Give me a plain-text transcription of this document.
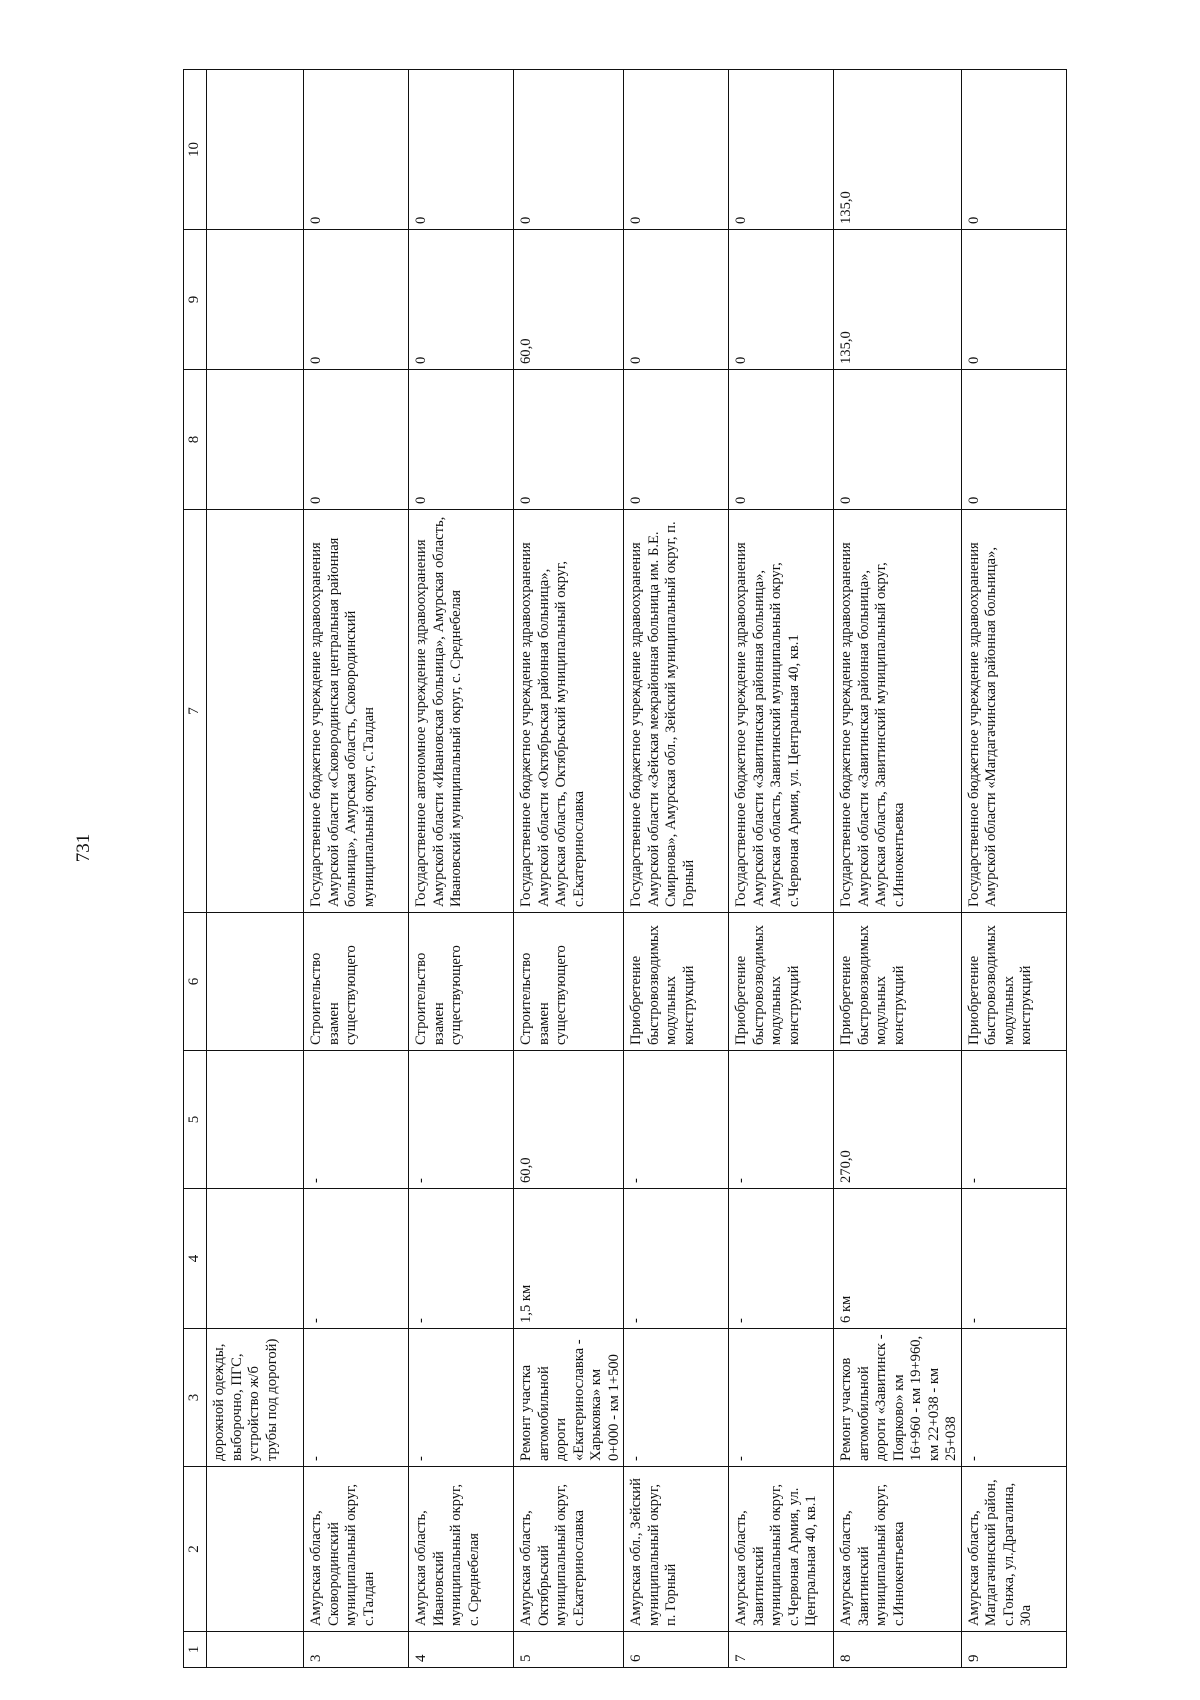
731
1	2	3	4	5	6	7	8	9	10
		дорожной одежды, выборочно, ПГС, устройство ж/б трубы под дорогой)							
3	Амурская область, Сковородинский муниципальный округ, с.Талдан	-	-	-	Строительство взамен существующего	Государственное бюджетное учреждение здравоохранения Амурской области «Сковородинская центральная районная больница», Амурская область, Сковородинский муниципальный округ, с.Талдан	0	0	0
4	Амурская область, Ивановский муниципальный округ, с. Среднебелая	-	-	-	Строительство взамен существующего	Государственное автономное учреждение здравоохранения Амурской области «Ивановская больница», Амурская область, Ивановский муниципальный округ, с. Среднебелая	0	0	0
5	Амурская область, Октябрьский муниципальный округ, с.Екатеринославка	Ремонт участка автомобильной дороги «Екатеринославка - Харьковка» км 0+000 - км 1+500	1,5 км	60,0	Строительство взамен существующего	Государственное бюджетное учреждение здравоохранения Амурской области «Октябрьская районная больница», Амурская область, Октябрьский муниципальный округ, с.Екатеринославка	0	60,0	0
6	Амурская обл., Зейский муниципальный округ, п. Горный	-	-	-	Приобретение быстровозводимых модульных конструкций	Государственное бюджетное учреждение здравоохранения Амурской области «Зейская межрайонная больница им. Б.Е. Смирнова», Амурская обл., Зейский муниципальный округ, п. Горный	0	0	0
7	Амурская область, Завитинский муниципальный округ, с.Червоная Армия, ул. Центральная 40, кв.1	-	-	-	Приобретение быстровозводимых модульных конструкций	Государственное бюджетное учреждение здравоохранения Амурской области «Завитинская районная больница», Амурская область, Завитинский муниципальный округ, с.Червоная Армия, ул. Центральная 40, кв.1	0	0	0
8	Амурская область, Завитинский муниципальный округ, с.Иннокентьевка	Ремонт участков автомобильной дороги «Завитинск - Поярково» км 16+960 - км 19+960, км 22+038 - км 25+038	6 км	270,0	Приобретение быстровозводимых модульных конструкций	Государственное бюджетное учреждение здравоохранения Амурской области «Завитинская районная больница», Амурская область, Завитинский муниципальный округ, с.Иннокентьевка	0	135,0	135,0
9	Амурская область, Магдагачинский район, с.Гонжа, ул.Драгалина, 30а	-	-	-	Приобретение быстровозводимых модульных конструкций	Государственное бюджетное учреждение здравоохранения Амурской области «Магдагачинская районная больница»,	0	0	0
